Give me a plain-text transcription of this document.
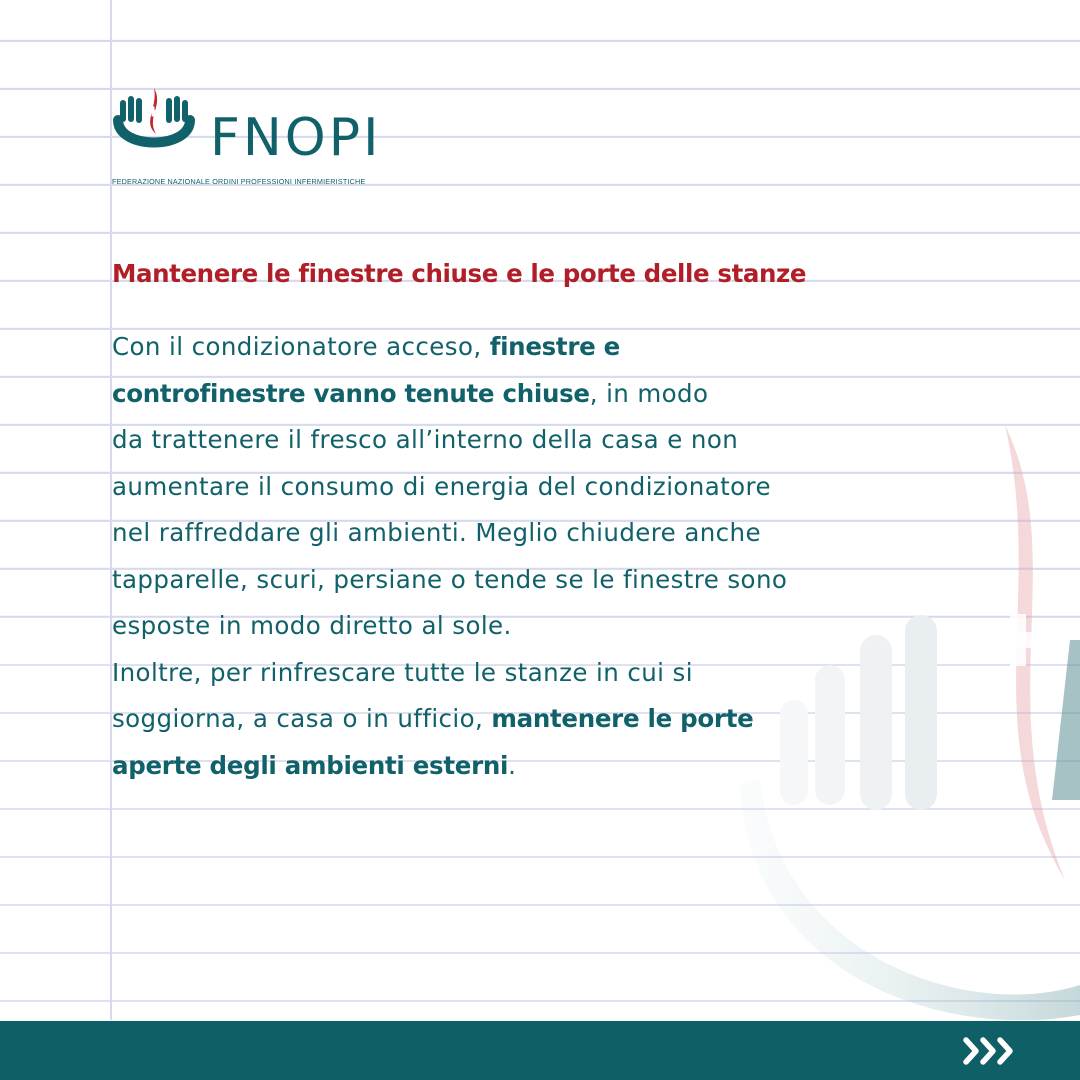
FNOPI
FEDERAZIONE NAZIONALE ORDINI PROFESSIONI INFERMIERISTICHE
Mantenere le finestre chiuse e le porte delle stanze
Con il condizionatore acceso, finestre e
controfinestre vanno tenute chiuse, in modo
da trattenere il fresco all’interno della casa e non
aumentare il consumo di energia del condizionatore
nel raffreddare gli ambienti. Meglio chiudere anche
tapparelle, scuri, persiane o tende se le finestre sono
esposte in modo diretto al sole.
Inoltre, per rinfrescare tutte le stanze in cui si
soggiorna, a casa o in ufficio, mantenere le porte
aperte degli ambienti esterni.
